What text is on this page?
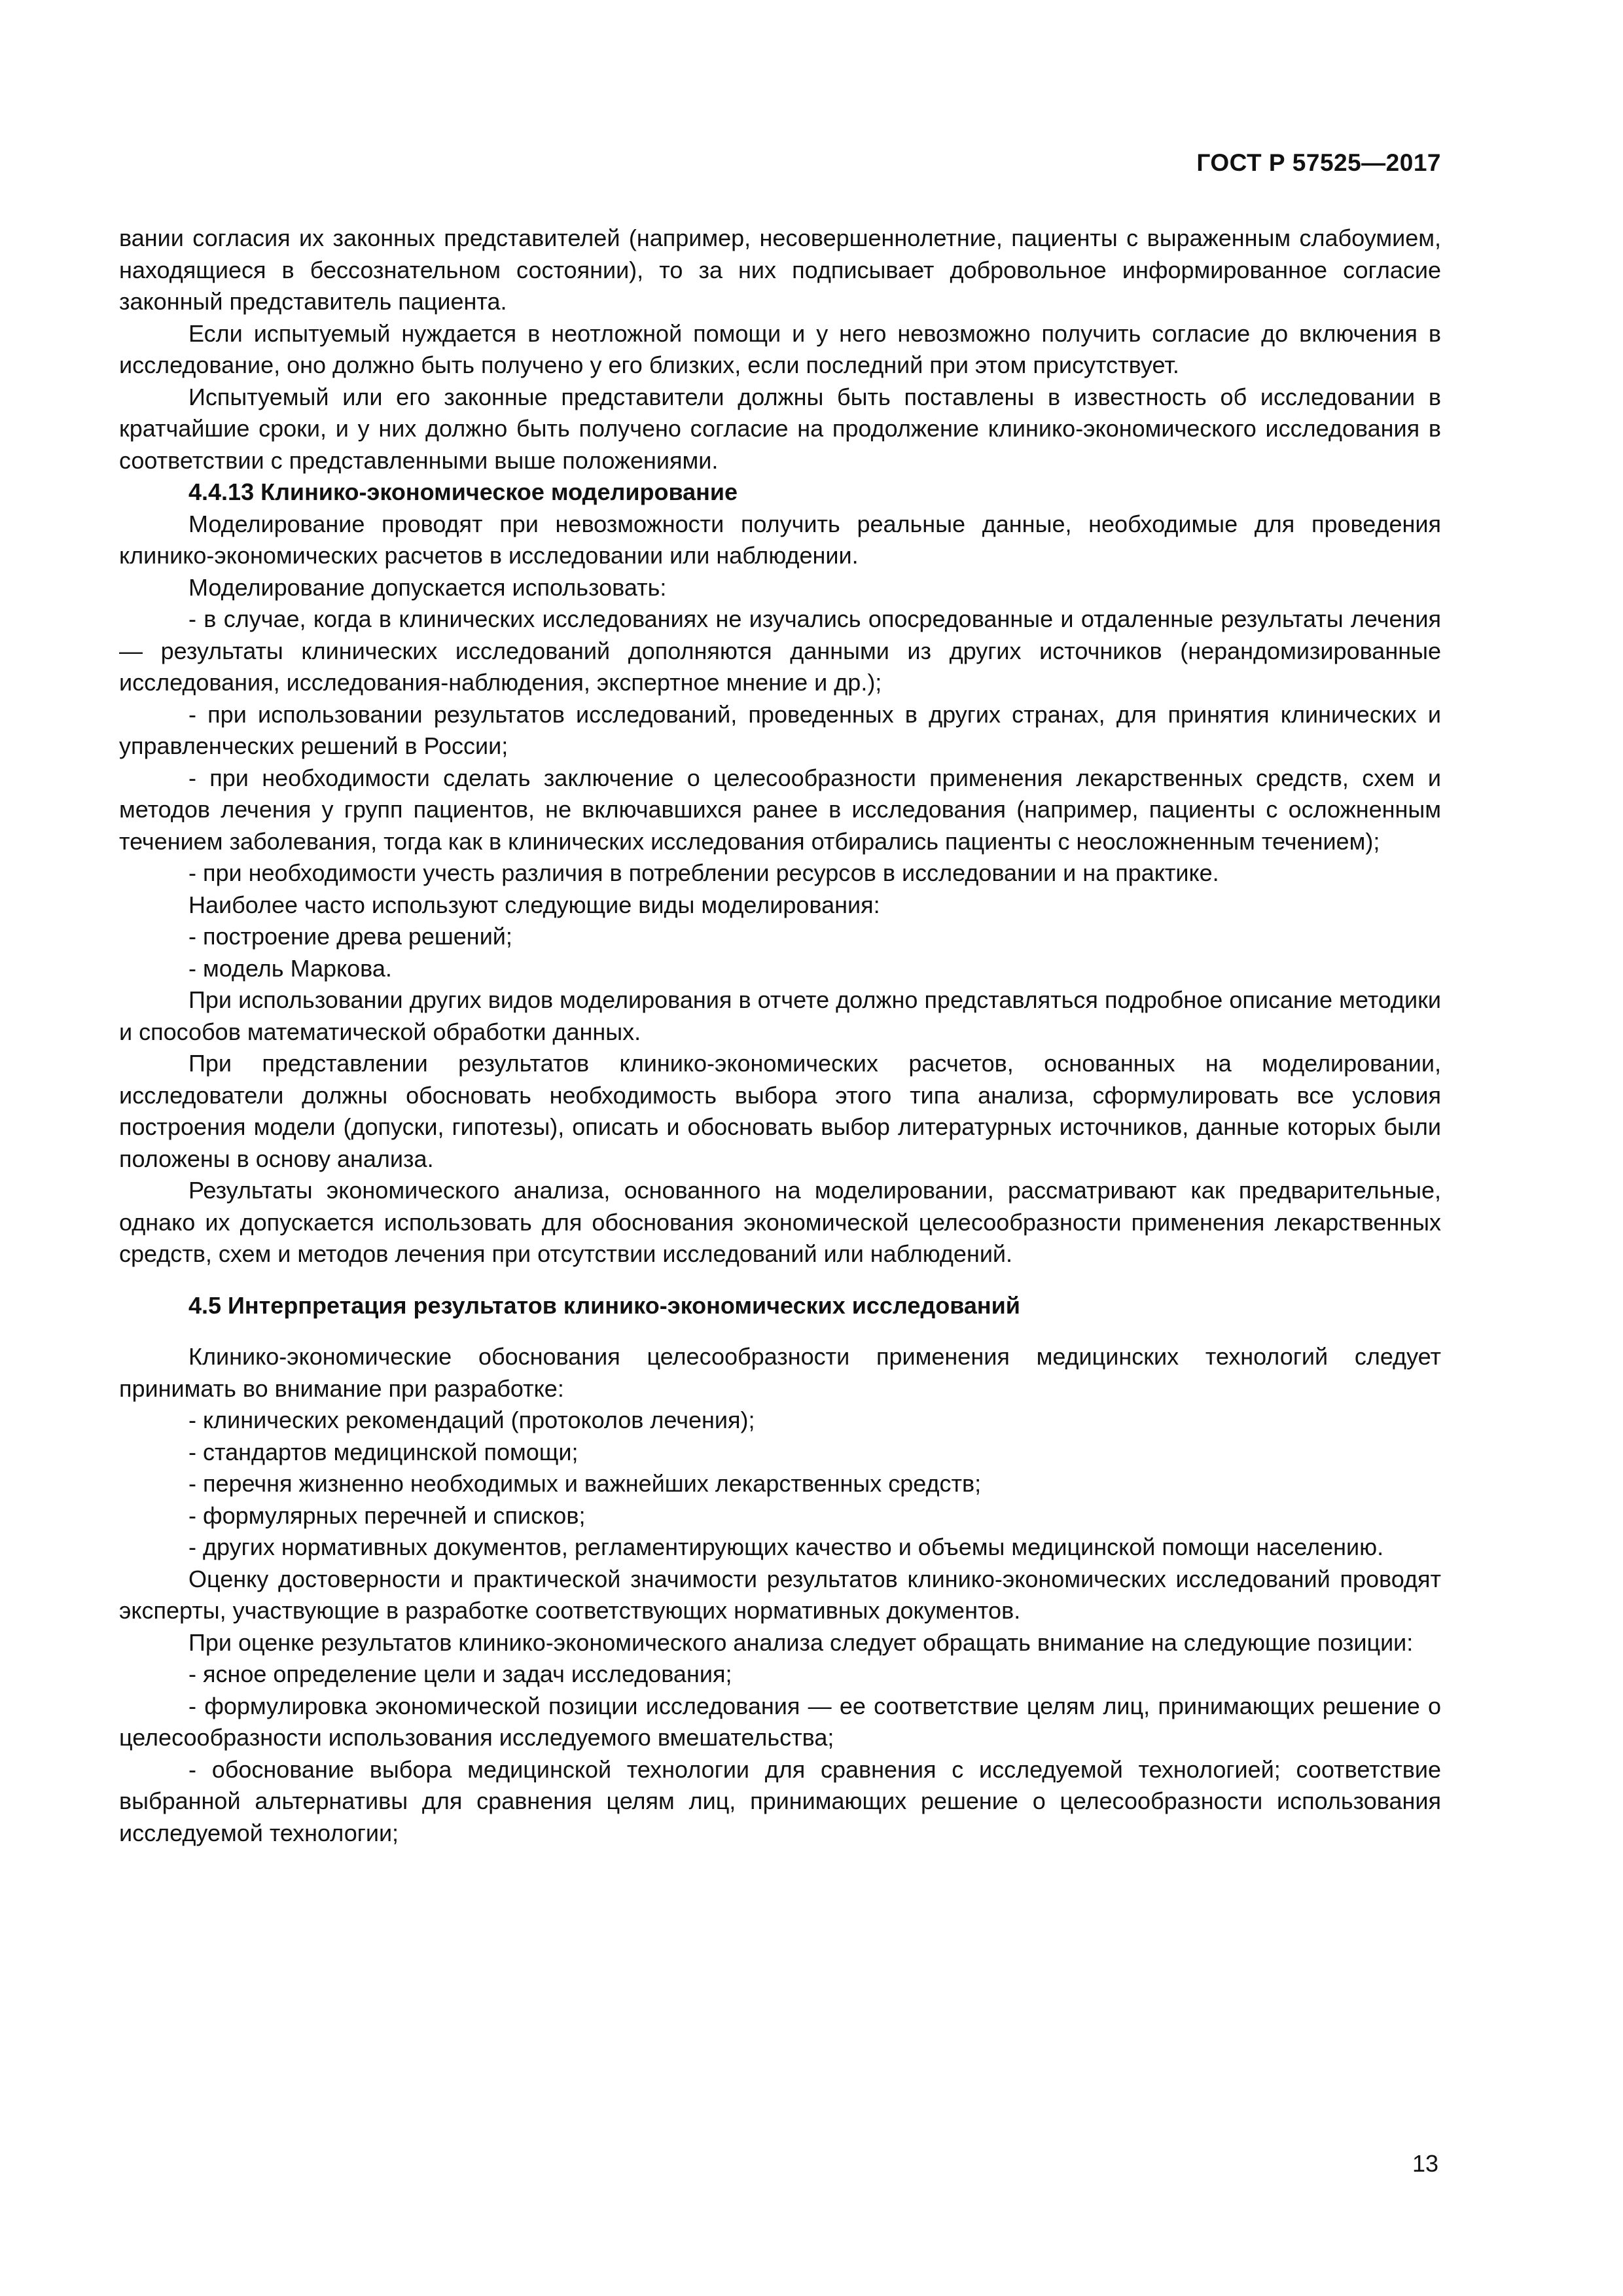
ГОСТ Р 57525—2017

вании согласия их законных представителей (например, несовершеннолетние, пациенты с выраженным слабоумием, находящиеся в бессознательном состоянии), то за них подписывает добровольное информированное согласие законный представитель пациента.

Если испытуемый нуждается в неотложной помощи и у него невозможно получить согласие до включения в исследование, оно должно быть получено у его близких, если последний при этом присутствует.

Испытуемый или его законные представители должны быть поставлены в известность об исследовании в кратчайшие сроки, и у них должно быть получено согласие на продолжение клинико-экономического исследования в соответствии с представленными выше положениями.

4.4.13 Клинико-экономическое моделирование

Моделирование проводят при невозможности получить реальные данные, необходимые для проведения клинико-экономических расчетов в исследовании или наблюдении.

Моделирование допускается использовать:

- в случае, когда в клинических исследованиях не изучались опосредованные и отдаленные результаты лечения — результаты клинических исследований дополняются данными из других источников (нерандомизированные исследования, исследования-наблюдения, экспертное мнение и др.);

- при использовании результатов исследований, проведенных в других странах, для принятия клинических и управленческих решений в России;

- при необходимости сделать заключение о целесообразности применения лекарственных средств, схем и методов лечения у групп пациентов, не включавшихся ранее в исследования (например, пациенты с осложненным течением заболевания, тогда как в клинических исследования отбирались пациенты с неосложненным течением);

- при необходимости учесть различия в потреблении ресурсов в исследовании и на практике.

Наиболее часто используют следующие виды моделирования:

- построение древа решений;

- модель Маркова.

При использовании других видов моделирования в отчете должно представляться подробное описание методики и способов математической обработки данных.

При представлении результатов клинико-экономических расчетов, основанных на моделировании, исследователи должны обосновать необходимость выбора этого типа анализа, сформулировать все условия построения модели (допуски, гипотезы), описать и обосновать выбор литературных источников, данные которых были положены в основу анализа.

Результаты экономического анализа, основанного на моделировании, рассматривают как предварительные, однако их допускается использовать для обоснования экономической целесообразности применения лекарственных средств, схем и методов лечения при отсутствии исследований или наблюдений.

4.5 Интерпретация результатов клинико-экономических исследований

Клинико-экономические обоснования целесообразности применения медицинских технологий следует принимать во внимание при разработке:

- клинических рекомендаций (протоколов лечения);

- стандартов медицинской помощи;

- перечня жизненно необходимых и важнейших лекарственных средств;

- формулярных перечней и списков;

- других нормативных документов, регламентирующих качество и объемы медицинской помощи населению.

Оценку достоверности и практической значимости результатов клинико-экономических исследований проводят эксперты, участвующие в разработке соответствующих нормативных документов.

При оценке результатов клинико-экономического анализа следует обращать внимание на следующие позиции:

- ясное определение цели и задач исследования;

- формулировка экономической позиции исследования — ее соответствие целям лиц, принимающих решение о целесообразности использования исследуемого вмешательства;

- обоснование выбора медицинской технологии для сравнения с исследуемой технологией; соответствие выбранной альтернативы для сравнения целям лиц, принимающих решение о целесообразности использования исследуемой технологии;

13
